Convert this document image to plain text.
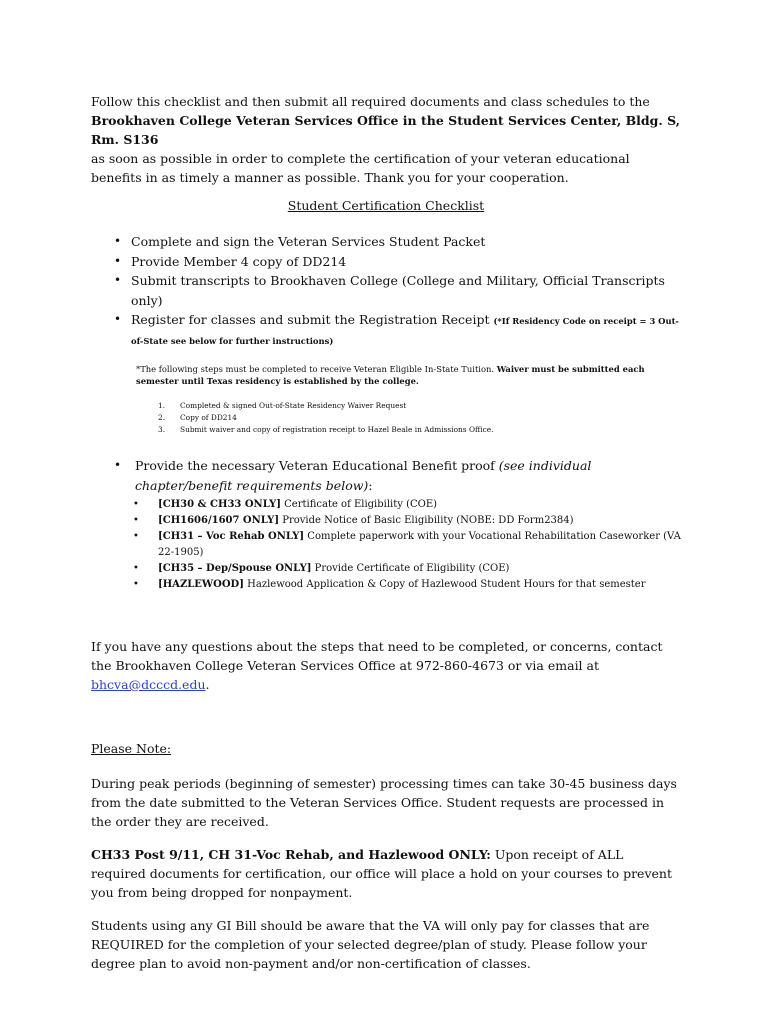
Follow this checklist and then submit all required documents and class schedules to the
Brookhaven College Veteran Services Office in the Student Services Center, Bldg. S, Rm. S136
as soon as possible in order to complete the certification of your veteran educational benefits in as timely a manner as possible. Thank you for your cooperation.

Student Certification Checklist

• Complete and sign the Veteran Services Student Packet
• Provide Member 4 copy of DD214
• Submit transcripts to Brookhaven College (College and Military, Official Transcripts only)
• Register for classes and submit the Registration Receipt (*If Residency Code on receipt = 3 Out-of-State see below for further instructions)

*The following steps must be completed to receive Veteran Eligible In-State Tuition. Waiver must be submitted each semester until Texas residency is established by the college.

1. Completed & signed Out-of-State Residency Waiver Request
2. Copy of DD214
3. Submit waiver and copy of registration receipt to Hazel Beale in Admissions Office.
• Provide the necessary Veteran Educational Benefit proof (see individual chapter/benefit requirements below):
• [CH30 & CH33 ONLY] Certificate of Eligibility (COE)
• [CH1606/1607 ONLY] Provide Notice of Basic Eligibility (NOBE: DD Form2384)
• [CH31 – Voc Rehab ONLY] Complete paperwork with your Vocational Rehabilitation Caseworker (VA 22-1905)
• [CH35 – Dep/Spouse ONLY] Provide Certificate of Eligibility (COE)
• [HAZLEWOOD] Hazlewood Application & Copy of Hazlewood Student Hours for that semester

If you have any questions about the steps that need to be completed, or concerns, contact the Brookhaven College Veteran Services Office at 972-860-4673 or via email at bhcva@dcccd.edu.

Please Note:

During peak periods (beginning of semester) processing times can take 30-45 business days from the date submitted to the Veteran Services Office. Student requests are processed in the order they are received.

CH33 Post 9/11, CH 31-Voc Rehab, and Hazlewood ONLY: Upon receipt of ALL required documents for certification, our office will place a hold on your courses to prevent you from being dropped for nonpayment.

Students using any GI Bill should be aware that the VA will only pay for classes that are REQUIRED for the completion of your selected degree/plan of study. Please follow your degree plan to avoid non-payment and/or non-certification of classes.
